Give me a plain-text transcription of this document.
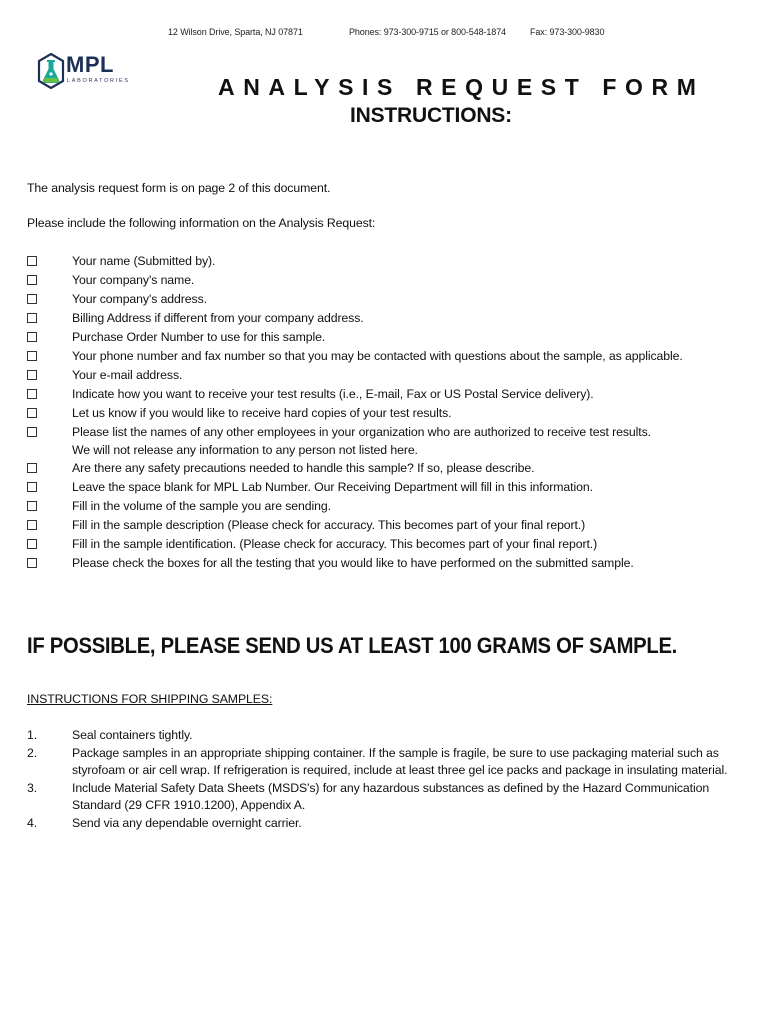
12 Wilson Drive, Sparta, NJ 07871	Phones: 973-300-9715 or 800-548-1874	Fax: 973-300-9830
MPL
LABORATORIES	ANALYSIS REQUEST FORM
INSTRUCTIONS:
The analysis request form is on page 2 of this document.
Please include the following information on the Analysis Request:
Your name (Submitted by).
Your company's name.
Your company's address.
Billing Address if different from your company address.
Purchase Order Number to use for this sample.
Your phone number and fax number so that you may be contacted with questions about the sample, as applicable.
Your e-mail address.
Indicate how you want to receive your test results (i.e., E-mail, Fax or US Postal Service delivery).
Let us know if you would like to receive hard copies of your test results.
Please list the names of any other employees in your organization who are authorized to receive test results.
We will not release any information to any person not listed here.
Are there any safety precautions needed to handle this sample? If so, please describe.
Leave the space blank for MPL Lab Number. Our Receiving Department will fill in this information.
Fill in the volume of the sample you are sending.
Fill in the sample description (Please check for accuracy. This becomes part of your final report.)
Fill in the sample identification. (Please check for accuracy. This becomes part of your final report.)
Please check the boxes for all the testing that you would like to have performed on the submitted sample.
IF POSSIBLE, PLEASE SEND US AT LEAST 100 GRAMS OF SAMPLE.
INSTRUCTIONS FOR SHIPPING SAMPLES:
1.	Seal containers tightly.
2.	Package samples in an appropriate shipping container. If the sample is fragile, be sure to use packaging material such as styrofoam or air cell wrap. If refrigeration is required, include at least three gel ice packs and package in insulating material.
3.	Include Material Safety Data Sheets (MSDS's) for any hazardous substances as defined by the Hazard Communication Standard (29 CFR 1910.1200), Appendix A.
4.	Send via any dependable overnight carrier.
